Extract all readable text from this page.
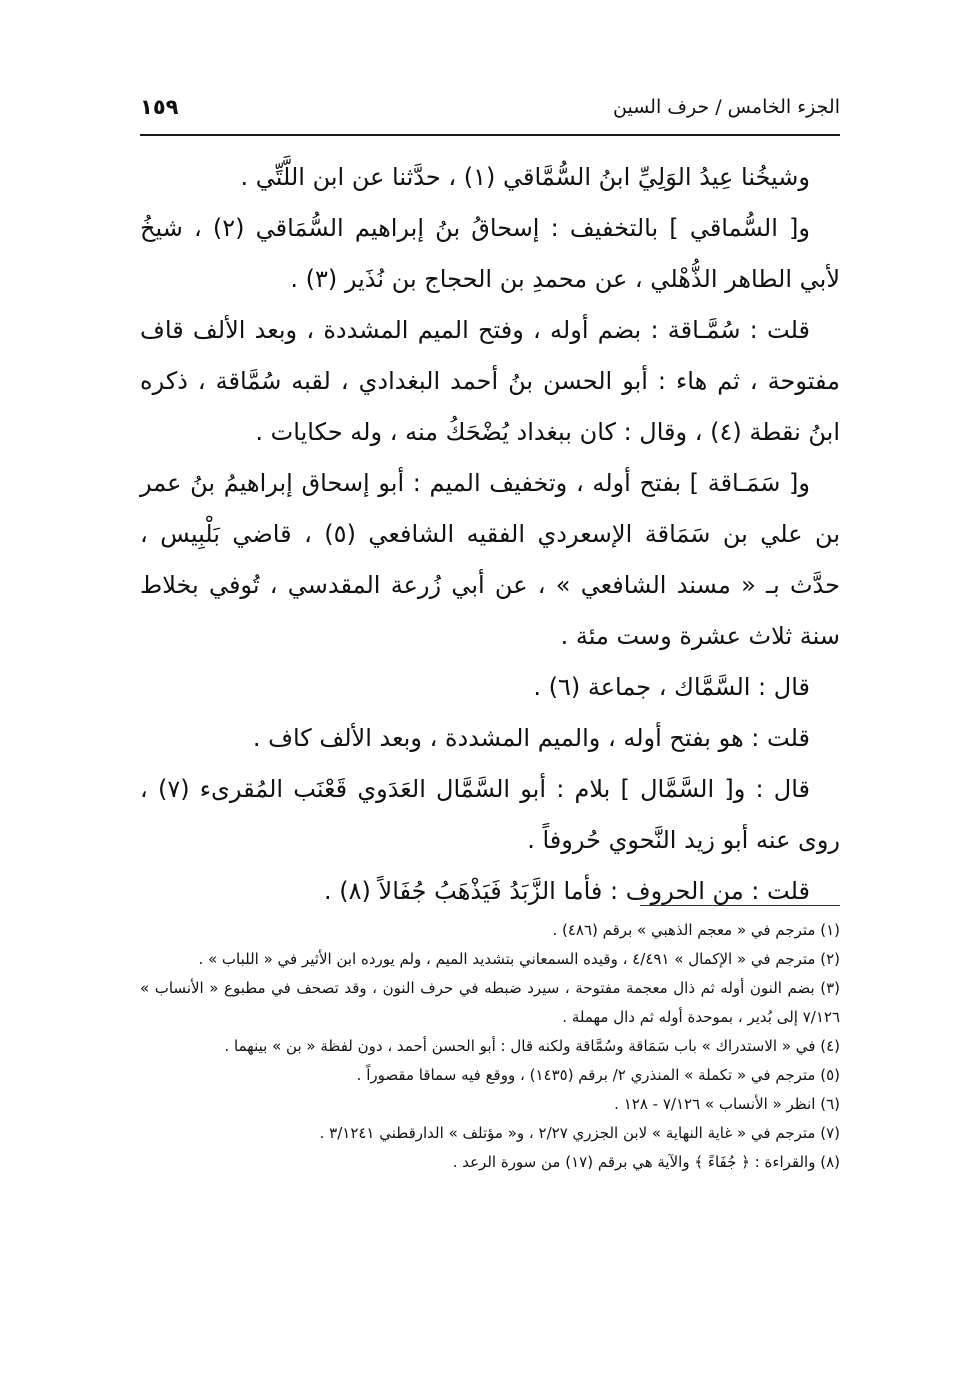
الجزء الخامس / حرف السين
١٥٩

وشيخُنا عِيدُ الوَلِيِّ ابنُ السُّمَّاقي (١) ، حدَّثنا عن ابن اللَّتِّي .

و[ السُّماقي ] بالتخفيف : إسحاقُ بنُ إبراهيم السُّمَاقي (٢) ، شيخُ لأبي الطاهر الذُّهْلي ، عن محمدِ بن الحجاج بن نُذَير (٣) .

قلت : سُمَّـاقة : بضم أوله ، وفتح الميم المشددة ، وبعد الألف قاف مفتوحة ، ثم هاء : أبو الحسن بنُ أحمد البغدادي ، لقبه سُمَّاقة ، ذكره ابنُ نقطة (٤) ، وقال : كان ببغداد يُضْحَكُ منه ، وله حكايات .

و[ سَمَـاقة ] بفتح أوله ، وتخفيف الميم : أبو إسحاق إبراهيمُ بنُ عمر بن علي بن سَمَاقة الإسعردي الفقيه الشافعي (٥) ، قاضي بَلْبِيس ، حدَّث بـ « مسند الشافعي » ، عن أبي زُرعة المقدسي ، تُوفي بخلاط سنة ثلاث عشرة وست مئة .

قال : السَّمَّاك ، جماعة (٦) .

قلت : هو بفتح أوله ، والميم المشددة ، وبعد الألف كاف .

قال : و[ السَّمَّال ] بلام : أبو السَّمَّال العَدَوي قَعْنَب المُقرىء (٧) ، روى عنه أبو زيد النَّحوي حُروفاً .

قلت : من الحروف : فأما الزَّبَدُ فَيَذْهَبُ جُفَالاً (٨) .

(١) مترجم في « معجم الذهبي » برقم (٤٨٦) .

(٢) مترجم في « الإكمال » ٤/٤٩١ ، وقيده السمعاني بتشديد الميم ، ولم يورده ابن الأثير في « اللباب » .

(٣) بضم النون أوله ثم ذال معجمة مفتوحة ، سيرد ضبطه في حرف النون ، وقد تصحف في مطبوع « الأنساب » ٧/١٢٦ إلى بُدير ، بموحدة أوله ثم دال مهملة .

(٤) في « الاستدراك » باب سَمَاقة وسُمَّاقة ولكنه قال : أبو الحسن أحمد ، دون لفظة « بن » بينهما .

(٥) مترجم في « تكملة » المنذري ٢/ برقم (١٤٣٥) ، ووقع فيه سماقا مقصوراً .

(٦) انظر « الأنساب » ٧/١٢٦ - ١٢٨ .

(٧) مترجم في « غاية النهاية » لابن الجزري ٢/٢٧ ، و« مؤتلف » الدارقطني ٣/١٢٤١ .

(٨) والقراءة : ﴿ جُفَاءً ﴾ والآية هي برقم (١٧) من سورة الرعد .
